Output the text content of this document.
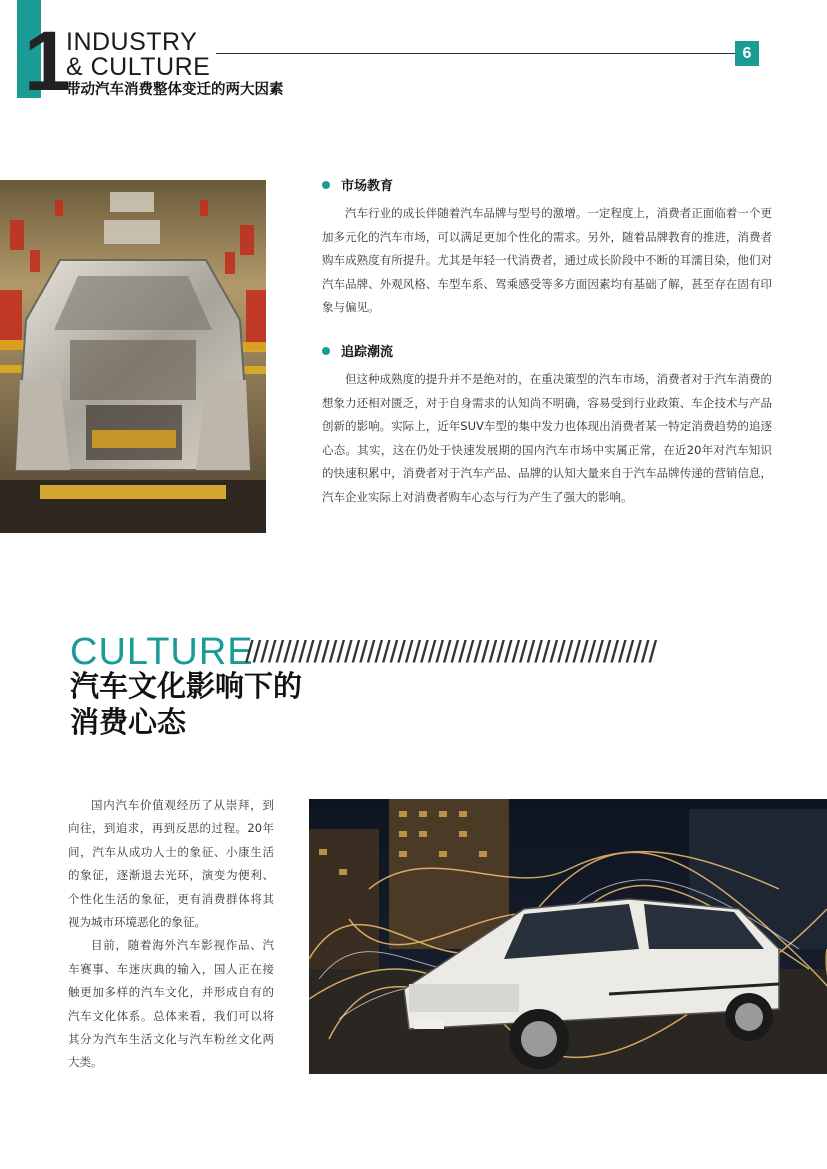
1 INDUSTRY
& CULTURE
带动汽车消费整体变迁的两大因素
6
市场教育

汽车行业的成长伴随着汽车品牌与型号的激增。一定程度上，消费者正面临着一个更加多元化的汽车市场，可以满足更加个性化的需求。另外，随着品牌教育的推进，消费者购车成熟度有所提升。尤其是年轻一代消费者，通过成长阶段中不断的耳濡目染，他们对汽车品牌、外观风格、车型车系、驾乘感受等多方面因素均有基础了解，甚至存在固有印象与偏见。

追踪潮流

但这种成熟度的提升并不是绝对的，在重决策型的汽车市场，消费者对于汽车消费的想象力还相对匮乏，对于自身需求的认知尚不明确，容易受到行业政策、车企技术与产品创新的影响。实际上，近年SUV车型的集中发力也体现出消费者某一特定消费趋势的追逐心态。其实，这在仍处于快速发展期的国内汽车市场中实属正常，在近20年对汽车知识的快速积累中，消费者对于汽车产品、品牌的认知大量来自于汽车品牌传递的营销信息，汽车企业实际上对消费者购车心态与行为产生了强大的影响。

CULTURE
//////////////////////////////////////////////////////
汽车文化影响下的
消费心态

国内汽车价值观经历了从崇拜，到向往，到追求，再到反思的过程。20年间，汽车从成功人士的象征、小康生活的象征，逐渐退去光环，演变为便利、个性化生活的象征，更有消费群体将其视为城市环境恶化的象征。

目前，随着海外汽车影视作品、汽车赛事、车迷庆典的输入，国人正在接触更加多样的汽车文化，并形成自有的汽车文化体系。总体来看，我们可以将其分为汽车生活文化与汽车粉丝文化两大类。
